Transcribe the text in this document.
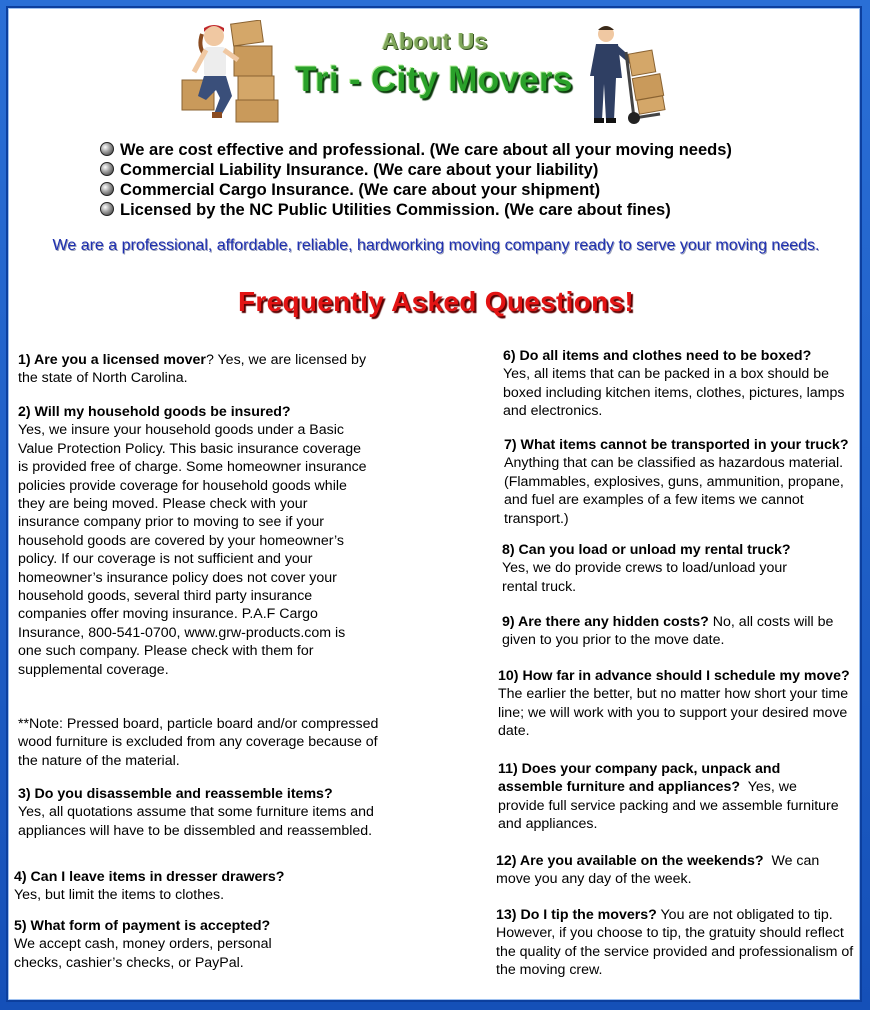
About Us
Tri - City Movers
We are cost effective and professional. (We care about all your moving needs)
Commercial Liability Insurance. (We care about your liability)
Commercial Cargo Insurance. (We care about your shipment)
Licensed by the NC Public Utilities Commission. (We care about fines)
We are a professional, affordable, reliable, hardworking moving company ready to serve your moving needs.
Frequently Asked Questions!
1) Are you a licensed mover? Yes, we are licensed by the state of North Carolina.
2) Will my household goods be insured?
Yes, we insure your household goods under a Basic Value Protection Policy. This basic insurance coverage is provided free of charge. Some homeowner insurance policies provide coverage for household goods while they are being moved. Please check with your insurance company prior to moving to see if your household goods are covered by your homeowner’s policy. If our coverage is not sufficient and your homeowner’s insurance policy does not cover your household goods, several third party insurance companies offer moving insurance. P.A.F Cargo Insurance, 800-541-0700, www.grw-products.com is one such company. Please check with them for supplemental coverage.
**Note: Pressed board, particle board and/or compressed wood furniture is excluded from any coverage because of the nature of the material.
3) Do you disassemble and reassemble items?
Yes, all quotations assume that some furniture items and appliances will have to be dissembled and reassembled.
4) Can I leave items in dresser drawers?
Yes, but limit the items to clothes.
5) What form of payment is accepted?
We accept cash, money orders, personal checks, cashier’s checks, or PayPal.
6) Do all items and clothes need to be boxed?
Yes, all items that can be packed in a box should be boxed including kitchen items, clothes, pictures, lamps and electronics.
7) What items cannot be transported in your truck?  Anything that can be classified as hazardous material. (Flammables, explosives, guns, ammunition, propane, and fuel are examples of a few items we cannot transport.)
8) Can you load or unload my rental truck?
Yes, we do provide crews to load/unload your rental truck.
9) Are there any hidden costs? No, all costs will be given to you prior to the move date.
10) How far in advance should I schedule my move? The earlier the better, but no matter how short your time line; we will work with you to support your desired move date.
11) Does your company pack, unpack and assemble furniture and appliances? Yes, we provide full service packing and we assemble furniture and appliances.
12) Are you available on the weekends? We can move you any day of the week.
13) Do I tip the movers? You are not obligated to tip. However, if you choose to tip, the gratuity should reflect the quality of the service provided and professionalism of the moving crew.
